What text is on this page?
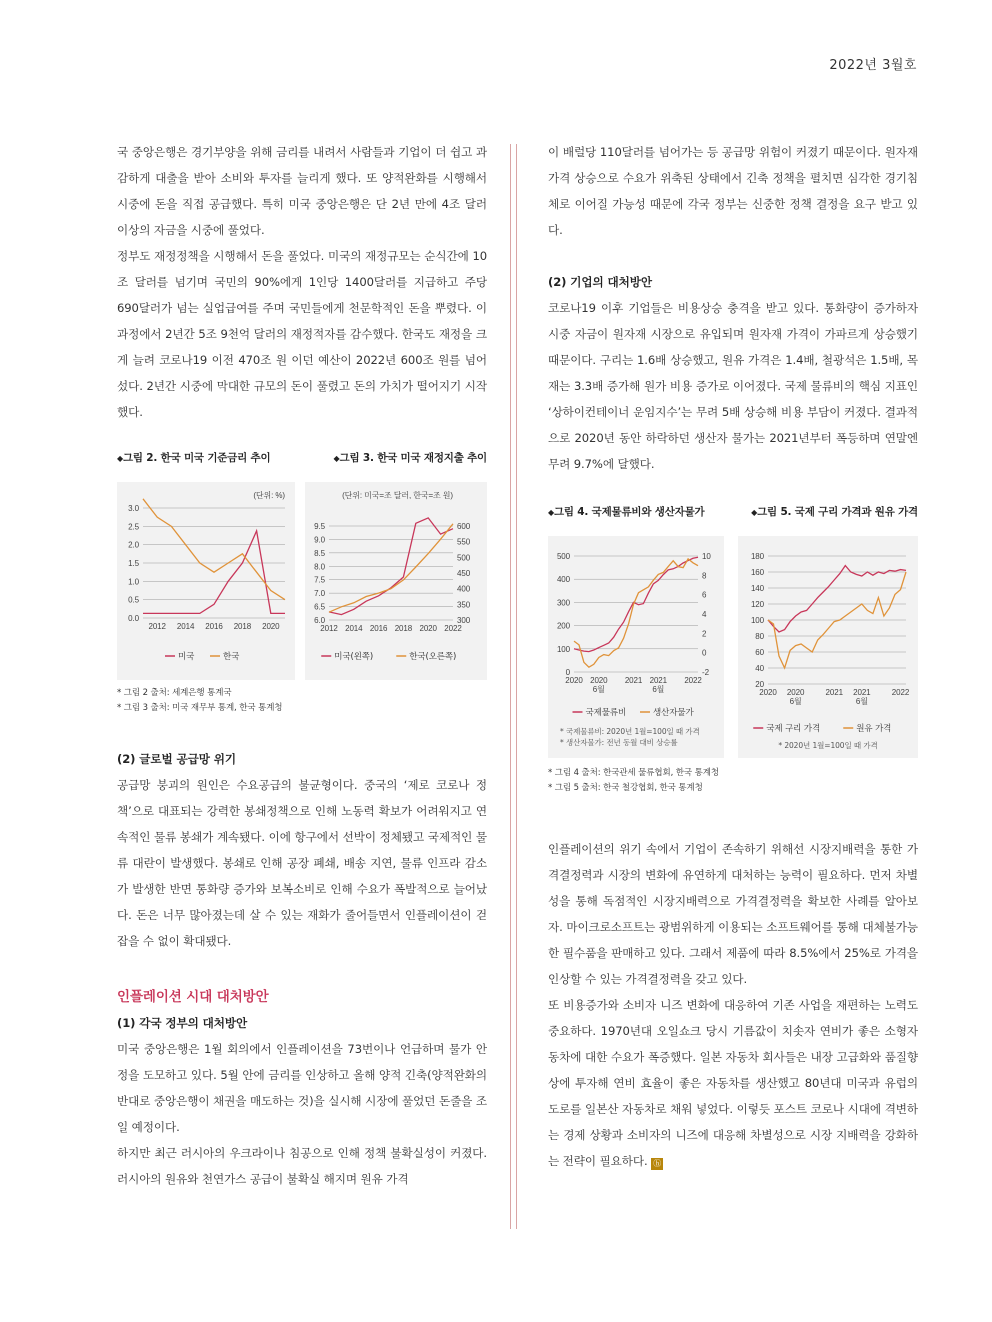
2022년 3월호

국 중앙은행은 경기부양을 위해 금리를 내려서 사람들과 기업이 더 쉽고 과감하게 대출을 받아 소비와 투자를 늘리게 했다. 또 양적완화를 시행해서 시중에 돈을 직접 공급했다. 특히 미국 중앙은행은 단 2년 만에 4조 달러 이상의 자금을 시중에 풀었다.

정부도 재정정책을 시행해서 돈을 풀었다. 미국의 재정규모는 순식간에 10조 달러를 넘기며 국민의 90%에게 1인당 1400달러를 지급하고 주당 690달러가 넘는 실업급여를 주며 국민들에게 천문학적인 돈을 뿌렸다. 이 과정에서 2년간 5조 9천억 달러의 재정적자를 감수했다. 한국도 재정을 크게 늘려 코로나19 이전 470조 원 이던 예산이 2022년 600조 원를 넘어섰다. 2년간 시중에 막대한 규모의 돈이 풀렸고 돈의 가치가 떨어지기 시작했다.

◆ 그림 2. 한국 미국 기준금리 추이	◆ 그림 3. 한국 미국 재정지출 추이
(단위: %)
0.0
0.5
1.0
1.5
2.0
2.5
3.0
2012 2014 2016 2018 2020
미국	한국
(단위: 미국=조 달러, 한국=조 원)
6.0
6.5
7.0
7.5
8.0
8.5
9.0
9.5
300
350
400
450
500
550
600
2012 2014 2016 2018 2020 2022
미국(왼쪽)	한국(오른쪽)
* 그림 2 출처: 세계은행 통계국
* 그림 3 출처: 미국 재무부 통계, 한국 통계청

(2) 글로벌 공급망 위기

공급망 붕괴의 원인은 수요공급의 불균형이다. 중국의 ‘제로 코로나 정책’으로 대표되는 강력한 봉쇄정책으로 인해 노동력 확보가 어려워지고 연속적인 물류 봉쇄가 계속됐다. 이에 항구에서 선박이 정체됐고 국제적인 물류 대란이 발생했다. 봉쇄로 인해 공장 폐쇄, 배송 지연, 물류 인프라 감소가 발생한 반면 통화량 증가와 보복소비로 인해 수요가 폭발적으로 늘어났다. 돈은 너무 많아졌는데 살 수 있는 재화가 줄어들면서 인플레이션이 걷잡을 수 없이 확대됐다.

인플레이션 시대 대처방안

(1) 각국 정부의 대처방안

미국 중앙은행은 1월 회의에서 인플레이션을 73번이나 언급하며 물가 안정을 도모하고 있다. 5월 안에 금리를 인상하고 올해 양적 긴축(양적완화의 반대로 중앙은행이 채권을 매도하는 것)을 실시해 시장에 풀었던 돈줄을 조일 예정이다.

하지만 최근 러시아의 우크라이나 침공으로 인해 정책 불확실성이 커졌다. 러시아의 원유와 천연가스 공급이 불확실 해지며 원유 가격

이 배럴당 110달러를 넘어가는 등 공급망 위험이 커졌기 때문이다. 원자재 가격 상승으로 수요가 위축된 상태에서 긴축 정책을 펼치면 심각한 경기침체로 이어질 가능성 때문에 각국 정부는 신중한 정책 결정을 요구 받고 있다.

(2) 기업의 대처방안

코로나19 이후 기업들은 비용상승 충격을 받고 있다. 통화량이 증가하자 시중 자금이 원자재 시장으로 유입되며 원자재 가격이 가파르게 상승했기 때문이다. 구리는 1.6배 상승했고, 원유 가격은 1.4배, 철광석은 1.5배, 목재는 3.3배 증가해 원가 비용 증가로 이어졌다. 국제 물류비의 핵심 지표인 ‘상하이컨테이너 운임지수’는 무려 5배 상승해 비용 부담이 커졌다. 결과적으로 2020년 동안 하락하던 생산자 물가는 2021년부터 폭등하며 연말엔 무려 9.7%에 달했다.

◆ 그림 4. 국제물류비와 생산자물가	◆ 그림 5. 국제 구리 가격과 원유 가격
0
100
200
300
400
500
-2
0
2
4
6
8
10
2020 2020 6월
2021 2021 6월
2022
국제물류비	생산자물가
* 국제물류비: 2020년 1월=100일 때 가격
* 생산자물가: 전년 동월 대비 상승률
20
40
60
80
100
120
140
160
180
2020 2020 6월
2021 2021 6월
2022
국제 구리 가격	원유 가격
* 2020년 1월=100일 때 가격
* 그림 4 출처: 한국관세 물류협회, 한국 통계청
* 그림 5 출처: 한국 철강협회, 한국 통계청

인플레이션의 위기 속에서 기업이 존속하기 위해선 시장지배력을 통한 가격결정력과 시장의 변화에 유연하게 대처하는 능력이 필요하다. 먼저 차별성을 통해 독점적인 시장지배력으로 가격결정력을 확보한 사례를 알아보자. 마이크로소프트는 광범위하게 이용되는 소프트웨어를 통해 대체불가능한 필수품을 판매하고 있다. 그래서 제품에 따라 8.5%에서 25%로 가격을 인상할 수 있는 가격결정력을 갖고 있다.

또 비용증가와 소비자 니즈 변화에 대응하여 기존 사업을 재편하는 노력도 중요하다. 1970년대 오일쇼크 당시 기름값이 치솟자 연비가 좋은 소형자동차에 대한 수요가 폭증했다. 일본 자동차 회사들은 내장 고급화와 품질향상에 투자해 연비 효율이 좋은 자동차를 생산했고 80년대 미국과 유럽의 도로를 일본산 자동차로 채워 넣었다. 이렇듯 포스트 코로나 시대에 격변하는 경제 상황과 소비자의 니즈에 대응해 차별성으로 시장 지배력을 강화하는 전략이 필요하다. ⓗ
